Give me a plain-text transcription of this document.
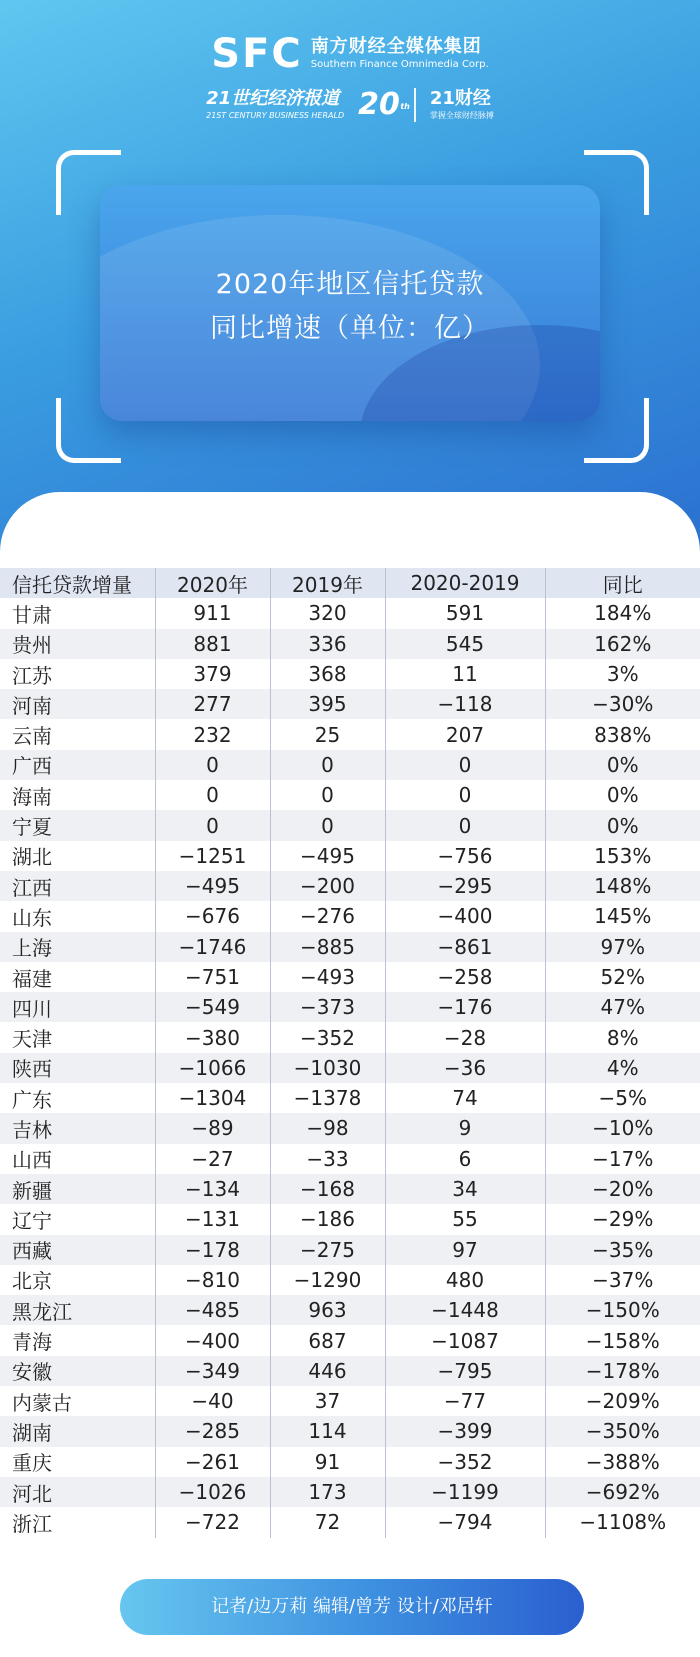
SFC 南方财经全媒体集团
Southern Finance Omnimedia Corp.
21世纪经济报道
21ST CENTURY BUSINESS HERALD 20 th 21财经
掌握全球财经脉搏
2020年地区信托贷款
同比增速（单位：亿）
信托贷款增量	2020年	2019年	2020-2019	同比
甘肃	911	320	591	184%
贵州	881	336	545	162%
江苏	379	368	11	3%
河南	277	395	−118	−30%
云南	232	25	207	838%
广西	0	0	0	0%
海南	0	0	0	0%
宁夏	0	0	0	0%
湖北	−1251	−495	−756	153%
江西	−495	−200	−295	148%
山东	−676	−276	−400	145%
上海	−1746	−885	−861	97%
福建	−751	−493	−258	52%
四川	−549	−373	−176	47%
天津	−380	−352	−28	8%
陕西	−1066	−1030	−36	4%
广东	−1304	−1378	74	−5%
吉林	−89	−98	9	−10%
山西	−27	−33	6	−17%
新疆	−134	−168	34	−20%
辽宁	−131	−186	55	−29%
西藏	−178	−275	97	−35%
北京	−810	−1290	480	−37%
黑龙江	−485	963	−1448	−150%
青海	−400	687	−1087	−158%
安徽	−349	446	−795	−178%
内蒙古	−40	37	−77	−209%
湖南	−285	114	−399	−350%
重庆	−261	91	−352	−388%
河北	−1026	173	−1199	−692%
浙江	−722	72	−794	−1108%
记者/边万莉 编辑/曾芳 设计/邓居轩
